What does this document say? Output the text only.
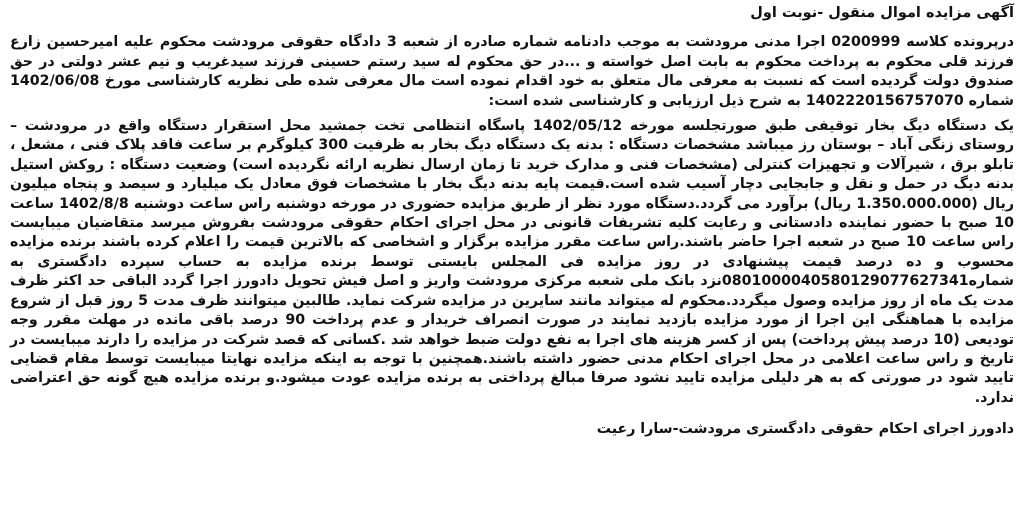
آگهی مزایده اموال منقول -نوبت اول
درپرونده کلاسه 0200999 اجرا مدنی مرودشت به موجب دادنامه شماره صادره از شعبه 3 دادگاه حقوقی مرودشت محکوم علیه امیرحسین زارع فرزند قلی محکوم به پرداخت محکوم به بابت اصل خواسته و ...در حق محکوم له سید رستم حسینی فرزند سیدغریب و نیم عشر دولتی در حق صندوق دولت گردیده است که نسبت به معرفی مال متعلق به خود اقدام نموده است مال معرفی شده طی نظریه کارشناسی مورخ 1402/06/08 شماره 1402220156757070 به شرح ذیل ارزیابی و کارشناسی شده است:
یک دستگاه دیگ بخار توقیفی طبق صورتجلسه مورخه 1402/05/12 پاسگاه انتظامی تخت جمشید محل استقرار دستگاه واقع در مرودشت – روستای زنگی آباد – بوستان رز میباشد مشخصات دستگاه : بدنه یک دستگاه دیگ بخار به ظرفیت 300 کیلوگرم بر ساعت فاقد پلاک فنی ، مشعل ، تابلو برق ، شیرآلات و تجهیزات کنترلی (مشخصات فنی و مدارک خرید تا زمان ارسال نظریه ارائه نگردیده است) وضعیت دستگاه : روکش استیل بدنه دیگ در حمل و نقل و جابجایی دچار آسیب شده است.قیمت پایه بدنه دیگ بخار با مشخصات فوق معادل یک میلیارد و سیصد و پنجاه میلیون ریال (1.350.000.000 ریال) برآورد می گردد.دستگاه مورد نظر از طریق مزایده حضوری در مورخه دوشنبه راس ساعت دوشنبه 1402/8/8 ساعت 10 صبح با حضور نماینده دادستانی و رعایت کلیه تشریفات قانونی در محل اجرای احکام حقوقی مرودشت بفروش میرسد متقاضیان میبایست راس ساعت 10 صبح در شعبه اجرا حاضر باشند.راس ساعت مقرر مزایده برگزار و اشخاصی که بالاترین قیمت را اعلام کرده باشند برنده مزایده محسوب و ده درصد قیمت پیشنهادی در روز مزایده فی المجلس بایستی توسط برنده مزایده به حساب سپرده دادگستری به شماره0801000040580129077627341نزد بانک ملی شعبه مرکزی مرودشت واریز و اصل فیش تحویل دادورز اجرا گردد الباقی حد اکثر ظرف مدت یک ماه از روز مزایده وصول میگردد.محکوم له میتواند مانند سایرین در مزایده شرکت نماید. طالبین میتوانند ظرف مدت 5 روز قبل از شروع مزایده با هماهنگی این اجرا از مورد مزایده بازدید نمایند در صورت انصراف خریدار و عدم پرداخت 90 درصد باقی مانده در مهلت مقرر وجه تودیعی (10 درصد پیش پرداخت) پس از کسر هزینه های اجرا به نفع دولت ضبط خواهد شد .کسانی که قصد شرکت در مزایده را دارند میبایست در تاریخ و راس ساعت اعلامی در محل اجرای احکام مدنی حضور داشته باشند.همچنین با توجه به اینکه مزایده نهایتا میبایست توسط مقام قضایی تایید شود در صورتی که به هر دلیلی مزایده تایید نشود صرفا مبالغ پرداختی به برنده مزایده عودت میشود.و برنده مزایده هیچ گونه حق اعتراضی ندارد.
دادورز اجرای احکام حقوقی دادگستری مرودشت-سارا رعیت
